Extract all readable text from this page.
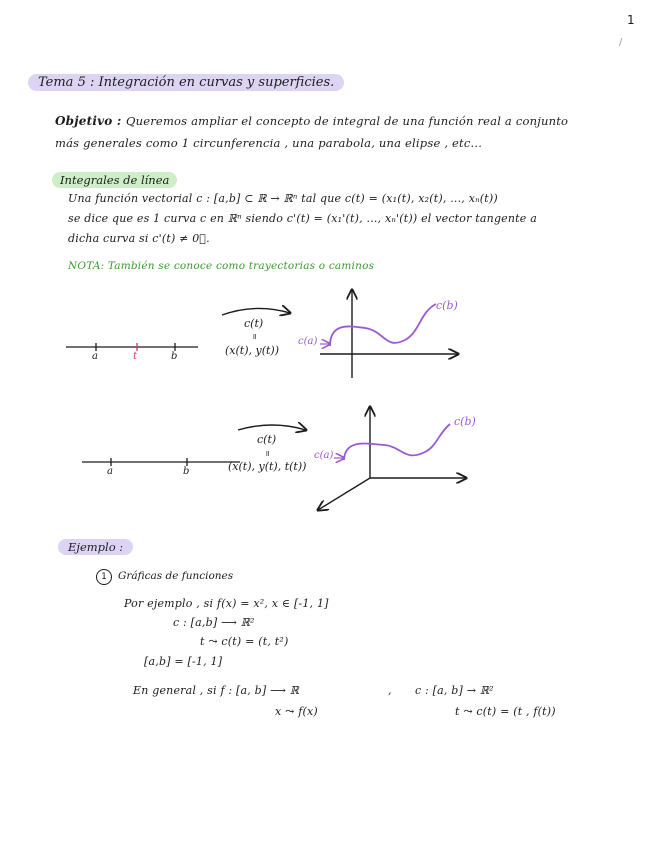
1
/
Tema 5 : Integración en curvas y superficies.
Objetivo : Queremos ampliar el concepto de integral de una función real a conjunto
más generales como 1 circunferencia , una parabola, una elipse , etc...
Integrales de línea
Una función vectorial c : [a,b] ⊂ ℝ → ℝⁿ tal que c(t) = (x₁(t), x₂(t), ..., xₙ(t))
se dice que es 1 curva c en ℝⁿ siendo c'(t) = (x₁'(t), ..., xₙ'(t)) el vector tangente a
dicha curva si c'(t) ≠ 0⃗.
NOTA: También se conoce como trayectorias o caminos
a	t	b
c(t)
॥
(x(t), y(t))
c(a)
c(b)
a	b
c(t)
॥
(x(t), y(t), t(t))
c(a)
c(b)
Ejemplo :
1	Gráficas de funciones
Por ejemplo , si f(x) = x², x ∈ [-1, 1]
c : [a,b] ⟶ ℝ²
t ⤳ c(t) = (t, t²)
[a,b] = [-1, 1]
En general , si f : [a, b] ⟶ ℝ	, c : [a, b] → ℝ²
x ⤳ f(x)	t ⤳ c(t) = (t , f(t))
